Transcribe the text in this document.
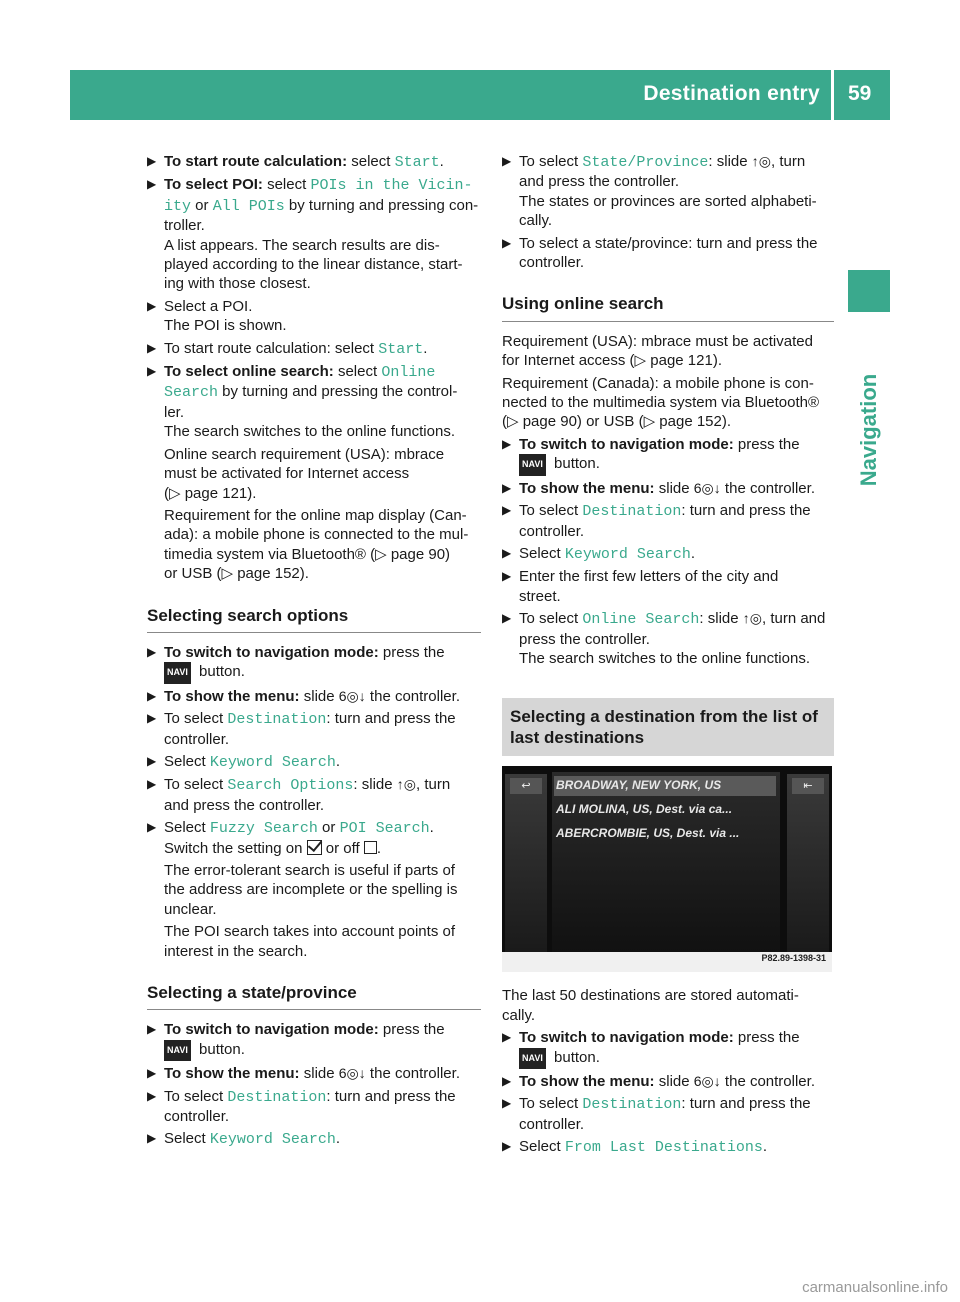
Destination entry 59
Navigation
▶ To start route calculation: select Start.
▶ To select POI: select POIs in the Vicin‐
ity or All POIs by turning and pressing con-
troller.
A list appears. The search results are dis-
played according to the linear distance, start-
ing with those closest.
▶ Select a POI.
The POI is shown.
▶ To start route calculation: select Start.
▶ To select online search: select Online
Search by turning and pressing the control-
ler.
The search switches to the online functions.
Online search requirement (USA): mbrace
must be activated for Internet access
(▷ page 121).
Requirement for the online map display (Can-
ada): a mobile phone is connected to the mul-
timedia system via Bluetooth® (▷ page 90)
or USB (▷ page 152).
Selecting search options
▶ To switch to navigation mode: press the
NAVI button.
▶ To show the menu: slide 6◎↓ the controller.
▶ To select Destination: turn and press the
controller.
▶ Select Keyword Search.
▶ To select Search Options: slide ↑◎, turn
and press the controller.
▶ Select Fuzzy Search or POI Search.
Switch the setting on  or off .
The error-tolerant search is useful if parts of
the address are incomplete or the spelling is
unclear.
The POI search takes into account points of
interest in the search.
Selecting a state/province
▶ To switch to navigation mode: press the
NAVI button.
▶ To show the menu: slide 6◎↓ the controller.
▶ To select Destination: turn and press the
controller.
▶ Select Keyword Search.
▶ To select State/Province: slide ↑◎, turn
and press the controller.
The states or provinces are sorted alphabeti-
cally.
▶ To select a state/province: turn and press the
controller.
Using online search
Requirement (USA): mbrace must be activated
for Internet access (▷ page 121).
Requirement (Canada): a mobile phone is con-
nected to the multimedia system via Bluetooth®
(▷ page 90) or USB (▷ page 152).
▶ To switch to navigation mode: press the
NAVI button.
▶ To show the menu: slide 6◎↓ the controller.
▶ To select Destination: turn and press the
controller.
▶ Select Keyword Search.
▶ Enter the first few letters of the city and
street.
▶ To select Online Search: slide ↑◎, turn and
press the controller.
The search switches to the online functions.
Selecting a destination from the list of
last destinations
↩	BROADWAY, NEW YORK, US
ALI MOLINA, US, Dest. via ca...
ABERCROMBIE, US, Dest. via ...
⇤
P82.89-1398-31
The last 50 destinations are stored automati-
cally.
▶ To switch to navigation mode: press the
NAVI button.
▶ To show the menu: slide 6◎↓ the controller.
▶ To select Destination: turn and press the
controller.
▶ Select From Last Destinations.
carmanualsonline.info
